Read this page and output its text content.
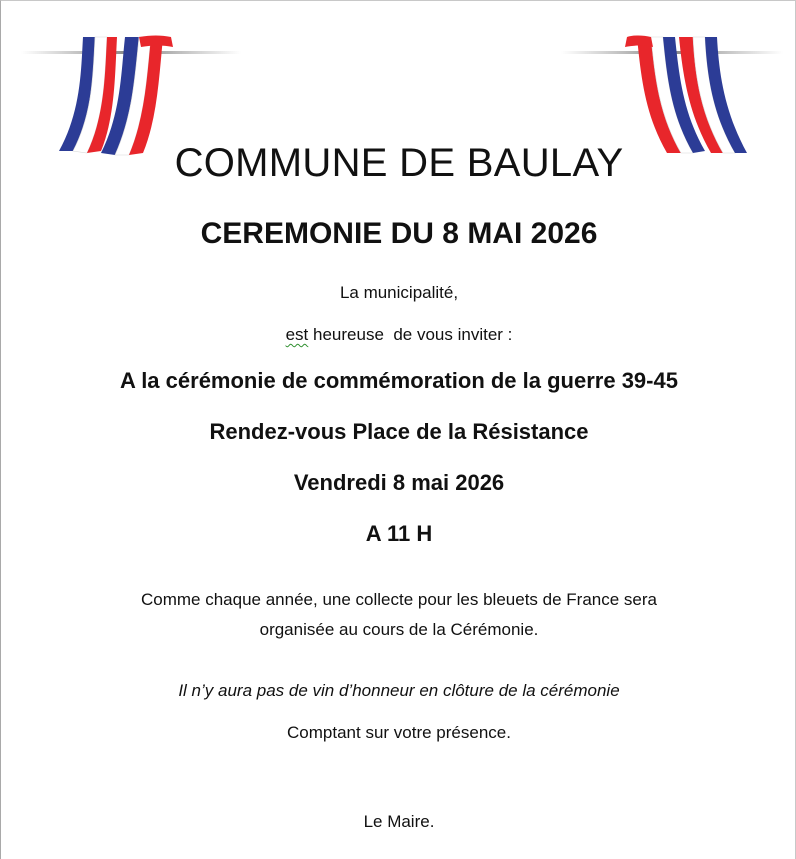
COMMUNE DE BAULAY
CEREMONIE DU 8 MAI 2026
La municipalité,
est heureuse  de vous inviter :
A la cérémonie de commémoration de la guerre 39-45
Rendez-vous Place de la Résistance
Vendredi 8 mai 2026
A 11 H
Comme chaque année, une collecte pour les bleuets de France sera
organisée au cours de la Cérémonie.
Il n’y aura pas de vin d’honneur en clôture de la cérémonie
Comptant sur votre présence.
Le Maire.
